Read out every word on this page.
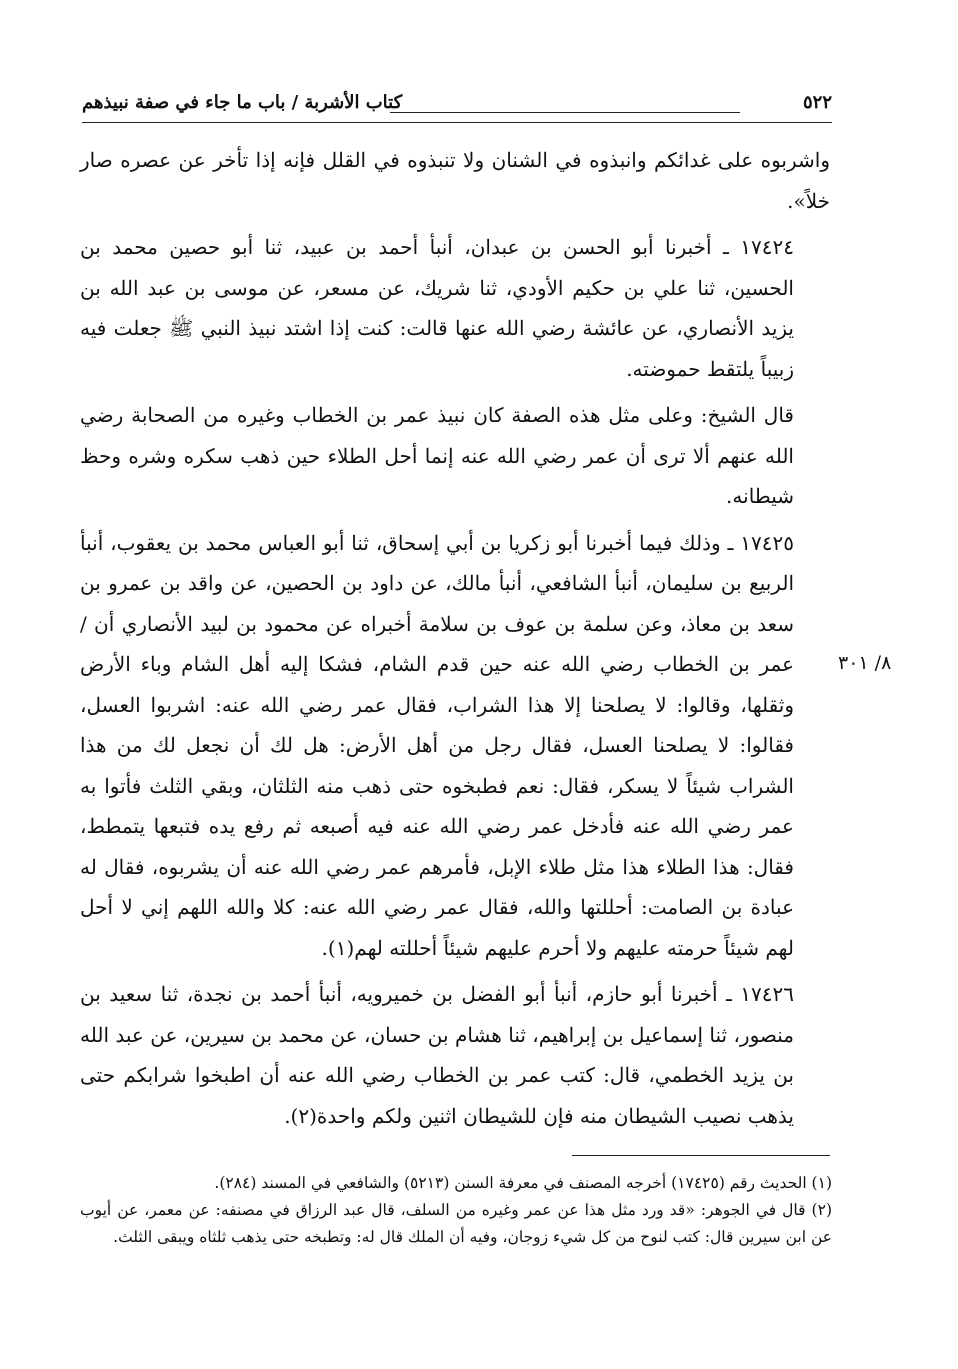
٥٢٢
كتاب الأشربة / باب ما جاء في صفة نبيذهم

واشربوه على غدائكم وانبذوه في الشنان ولا تنبذوه في القلل فإنه إذا تأخر عن عصره صار خلاً».

١٧٤٢٤ ـ أخبرنا أبو الحسن بن عبدان، أنبأ أحمد بن عبيد، ثنا أبو حصين محمد بن الحسين، ثنا علي بن حكيم الأودي، ثنا شريك، عن مسعر، عن موسى بن عبد الله بن يزيد الأنصاري، عن عائشة رضي الله عنها قالت: كنت إذا اشتد نبيذ النبي ﷺ جعلت فيه زبيباً يلتقط حموضته.

قال الشيخ: وعلى مثل هذه الصفة كان نبيذ عمر بن الخطاب وغيره من الصحابة رضي الله عنهم ألا ترى أن عمر رضي الله عنه إنما أحل الطلاء حين ذهب سكره وشره وحظ شيطانه.

١٧٤٢٥ ـ وذلك فيما أخبرنا أبو زكريا بن أبي إسحاق، ثنا أبو العباس محمد بن يعقوب، أنبأ الربيع بن سليمان، أنبأ الشافعي، أنبأ مالك، عن داود بن الحصين، عن واقد بن عمرو بن سعد بن معاذ، وعن سلمة بن عوف بن سلامة أخبراه عن محمود بن لبيد الأنصاري أن / عمر بن الخطاب رضي الله عنه حين قدم الشام، فشكا إليه أهل الشام وباء الأرض وثقلها، وقالوا: لا يصلحنا إلا هذا الشراب، فقال عمر رضي الله عنه: اشربوا العسل، فقالوا: لا يصلحنا العسل، فقال رجل من أهل الأرض: هل لك أن نجعل لك من هذا الشراب شيئاً لا يسكر، فقال: نعم فطبخوه حتى ذهب منه الثلثان، وبقي الثلث فأتوا به عمر رضي الله عنه فأدخل عمر رضي الله عنه فيه أصبعه ثم رفع يده فتبعها يتمطط، فقال: هذا الطلاء هذا مثل طلاء الإبل، فأمرهم عمر رضي الله عنه أن يشربوه، فقال له عبادة بن الصامت: أحللتها والله، فقال عمر رضي الله عنه: كلا والله اللهم إني لا أحل لهم شيئاً حرمته عليهم ولا أحرم عليهم شيئاً أحللته لهم(١).

١٧٤٢٦ ـ أخبرنا أبو حازم، أنبأ أبو الفضل بن خميرويه، أنبأ أحمد بن نجدة، ثنا سعيد بن منصور، ثنا إسماعيل بن إبراهيم، ثنا هشام بن حسان، عن محمد بن سيرين، عن عبد الله بن يزيد الخطمي، قال: كتب عمر بن الخطاب رضي الله عنه أن اطبخوا شرابكم حتى يذهب نصيب الشيطان منه فإن للشيطان اثنين ولكم واحدة(٢).

٨/ ٣٠١

(١) الحديث رقم (١٧٤٢٥) أخرجه المصنف في معرفة السنن (٥٢١٣) والشافعي في المسند (٢٨٤).

(٢) قال في الجوهر: «قد ورد مثل هذا عن عمر وغيره من السلف، قال عبد الرزاق في مصنفه: عن معمر، عن أيوب عن ابن سيرين قال: كتب لنوح من كل شيء زوجان، وفيه أن الملك قال له: وتطبخه حتى يذهب ثلثاه ويبقى الثلث.
